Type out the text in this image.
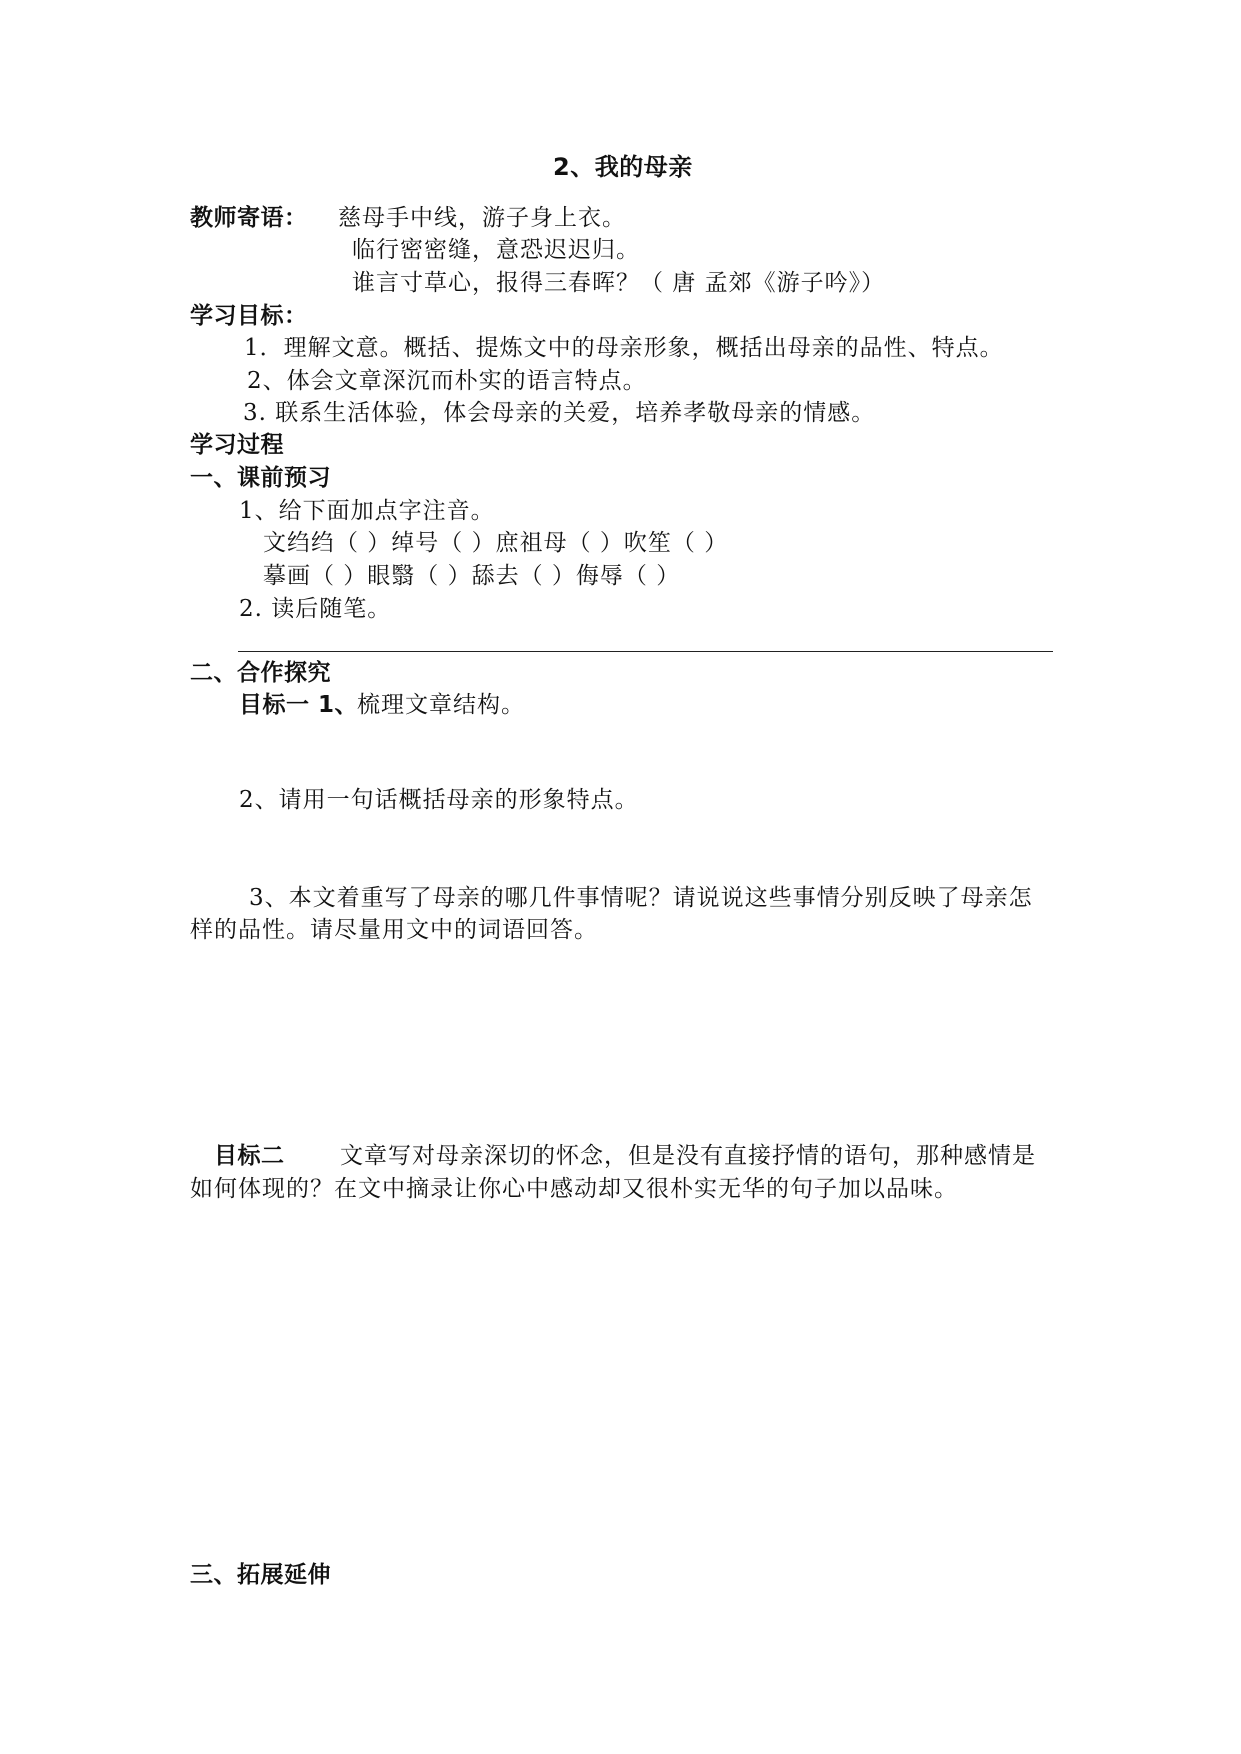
2、我的母亲
教师寄语： 慈母手中线，游子身上衣。
临行密密缝，意恐迟迟归。
谁言寸草心，报得三春晖？（ 唐 孟郊《游子吟》）
学习目标：
1．理解文意。概括、提炼文中的母亲形象，概括出母亲的品性、特点。
2、体会文章深沉而朴实的语言特点。
3. 联系生活体验，体会母亲的关爱，培养孝敬母亲的情感。
学习过程
一、课前预习
1、给下面加点字注音。
文绉绉（ ）绰号（ ）庶祖母（ ）吹笙（ ）
摹画（ ）眼翳（ ）舔去（ ）侮辱（ ）
2. 读后随笔。
二、合作探究
目标一 1、
梳理文章结构。
2、请用一句话概括母亲的形象特点。
3、本文着重写了母亲的哪几件事情呢？请说说这些事情分别反映了母亲怎
样的品性。请尽量用文中的词语回答。
目标二 文章写对母亲深切的怀念，但是没有直接抒情的语句，那种感情是
如何体现的？在文中摘录让你心中感动却又很朴实无华的句子加以品味。
三、拓展延伸
